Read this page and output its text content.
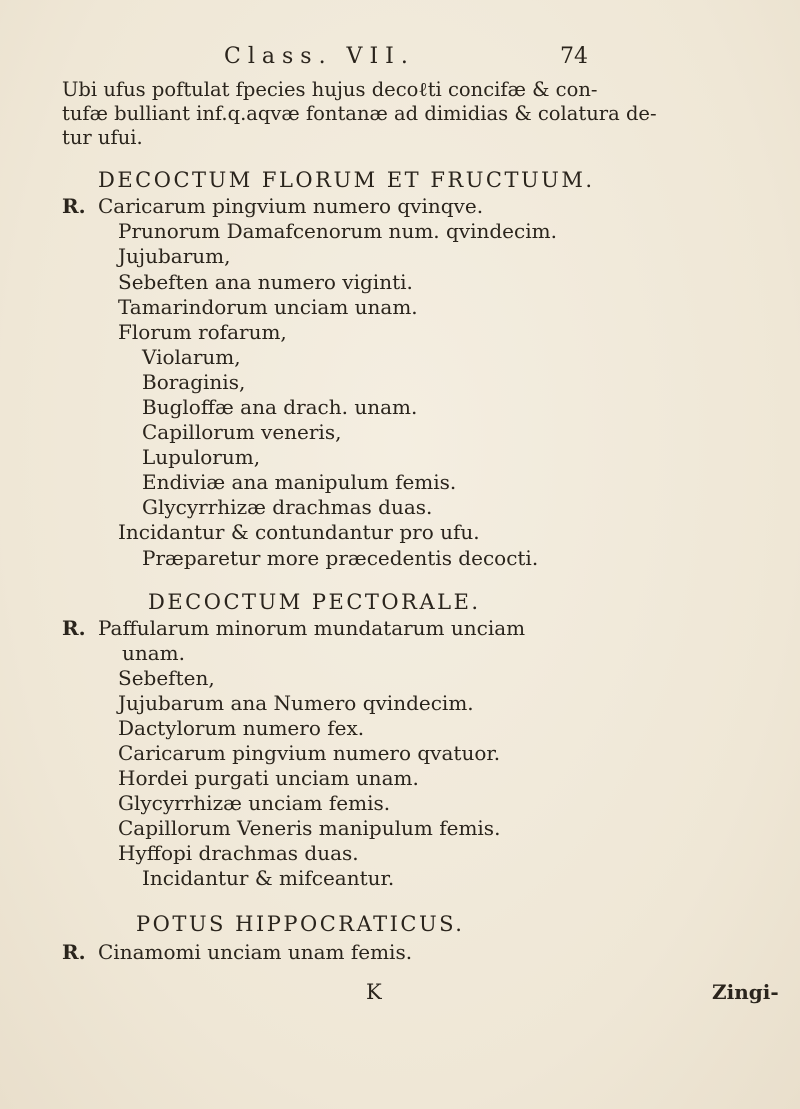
Class. VII.	74
Ubi ufus poftulat fpecies hujus decoℓti concifæ & con-
tufæ bulliant inf.q.aqvæ fontanæ ad dimidias & colatura de-
tur ufui.
DECOCTUM FLORUM ET FRUCTUUM.
R. Caricarum pingvium numero qvinqve.
Prunorum Damafcenorum num. qvindecim.
Jujubarum,
Sebeften ana numero viginti.
Tamarindorum unciam unam.
Florum rofarum,
Violarum,
Boraginis,
Bugloffæ ana drach. unam.
Capillorum veneris,
Lupulorum,
Endiviæ ana manipulum femis.
Glycyrrhizæ drachmas duas.
Incidantur & contundantur pro ufu.
Præparetur more præcedentis decocti.
DECOCTUM PECTORALE.
R. Paffularum minorum mundatarum unciam
unam.
Sebeften,
Jujubarum ana Numero qvindecim.
Dactylorum numero fex.
Caricarum pingvium numero qvatuor.
Hordei purgati unciam unam.
Glycyrrhizæ unciam femis.
Capillorum Veneris manipulum femis.
Hyffopi drachmas duas.
Incidantur & mifceantur.
POTUS HIPPOCRATICUS.
R. Cinamomi unciam unam femis.
K	Zingi-
